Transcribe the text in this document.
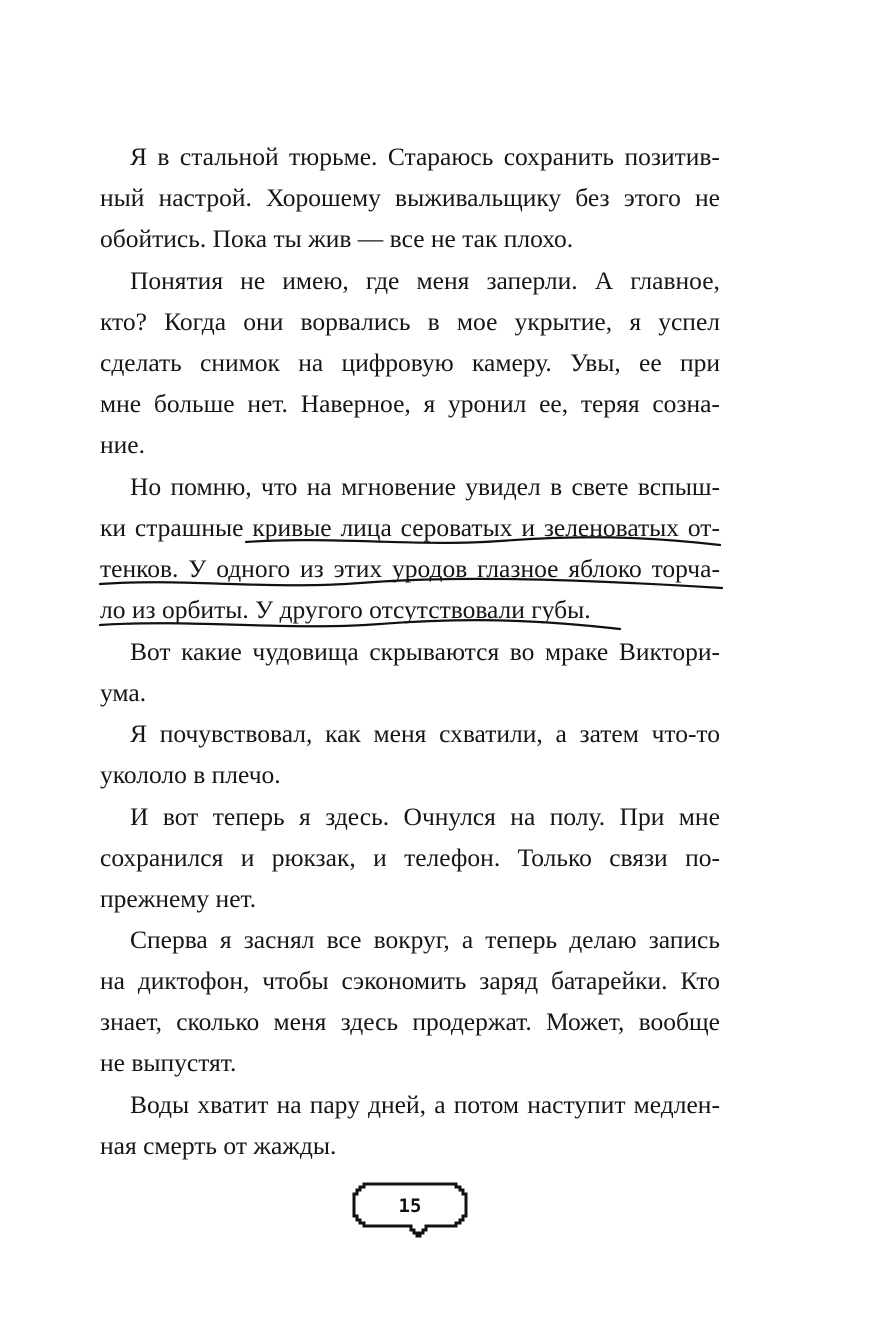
Я в стальной тюрьме. Стараюсь сохранить позитив-
ный настрой. Хорошему выживальщику без этого не
обойтись. Пока ты жив — все не так плохо.
Понятия не имею, где меня заперли. А главное,
кто? Когда они ворвались в мое укрытие, я успел
сделать снимок на цифровую камеру. Увы, ее при
мне больше нет. Наверное, я уронил ее, теряя созна-
ние.
Но помню, что на мгновение увидел в свете вспыш-
ки страшные кривые лица сероватых и зеленоватых от-
тенков. У одного из этих уродов глазное яблоко торча-
ло из орбиты. У другого отсутствовали губы.
Вот какие чудовища скрываются во мраке Виктори-
ума.
Я почувствовал, как меня схватили, а затем что-то
укололо в плечо.
И вот теперь я здесь. Очнулся на полу. При мне
сохранился и рюкзак, и телефон. Только связи по-
прежнему нет.
Сперва я заснял все вокруг, а теперь делаю запись
на диктофон, чтобы сэкономить заряд батарейки. Кто
знает, сколько меня здесь продержат. Может, вообще
не выпустят.
Воды хватит на пару дней, а потом наступит медлен-
ная смерть от жажды.
15
